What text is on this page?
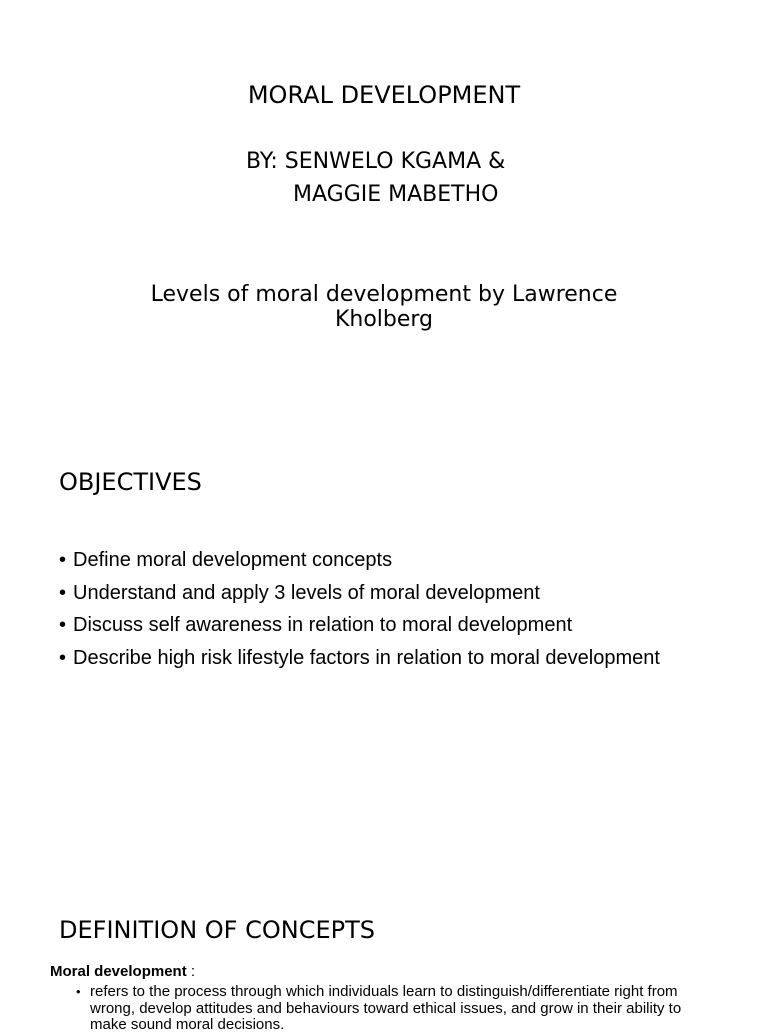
MORAL DEVELOPMENT
BY: SENWELO KGAMA &
MAGGIE MABETHO
Levels of moral development by Lawrence Kholberg
OBJECTIVES
• Define moral development concepts
• Understand and apply 3 levels of moral development
• Discuss self awareness in relation to moral development
• Describe high risk lifestyle factors in relation to moral development
DEFINITION OF CONCEPTS
Moral development :
• refers to the process through which individuals learn to distinguish/differentiate right from wrong, develop attitudes and behaviours toward ethical issues, and grow in their ability to make sound moral decisions.
